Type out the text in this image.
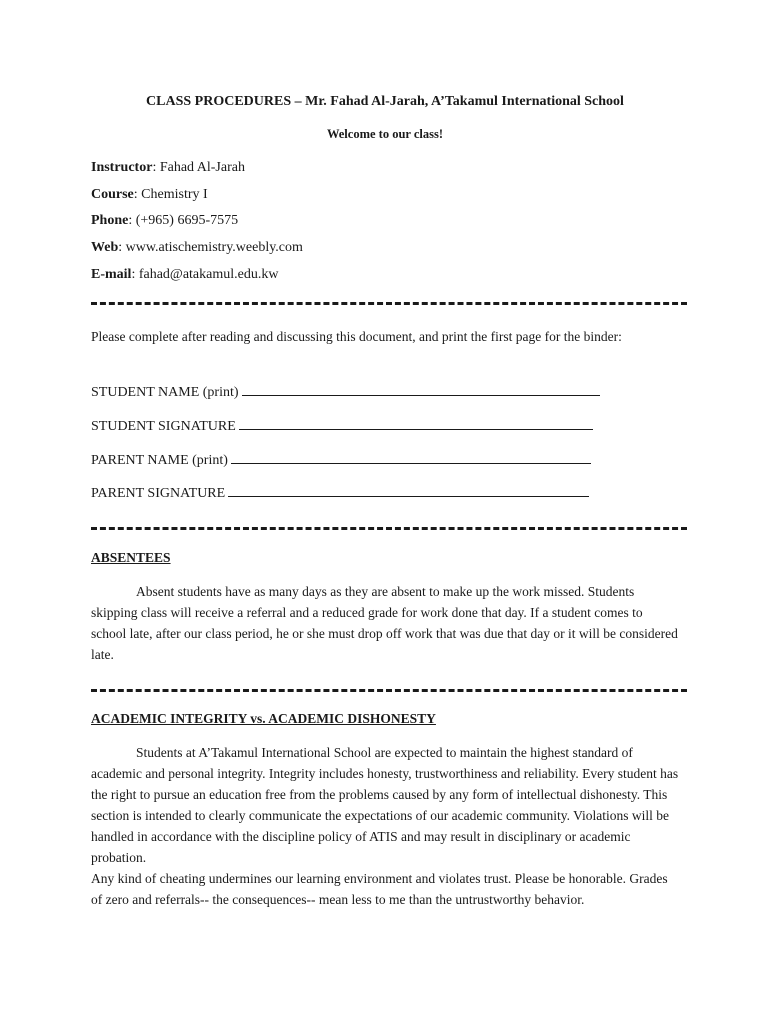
CLASS PROCEDURES – Mr. Fahad Al-Jarah, A’Takamul International School
Welcome to our class!
Instructor: Fahad Al-Jarah
Course: Chemistry I
Phone: (+965) 6695-7575
Web: www.atischemistry.weebly.com
E-mail: fahad@atakamul.edu.kw
Please complete after reading and discussing this document, and print the first page for the binder:
STUDENT NAME (print)
STUDENT SIGNATURE
PARENT NAME (print)
PARENT SIGNATURE
ABSENTEES
Absent students have as many days as they are absent to make up the work missed. Students skipping class will receive a referral and a reduced grade for work done that day. If a student comes to school late, after our class period, he or she must drop off work that was due that day or it will be considered late.
ACADEMIC INTEGRITY vs. ACADEMIC DISHONESTY

Students at A’Takamul International School are expected to maintain the highest standard of academic and personal integrity. Integrity includes honesty, trustworthiness and reliability. Every student has the right to pursue an education free from the problems caused by any form of intellectual dishonesty. This section is intended to clearly communicate the expectations of our academic community. Violations will be handled in accordance with the discipline policy of ATIS and may result in disciplinary or academic probation.

Any kind of cheating undermines our learning environment and violates trust. Please be honorable. Grades of zero and referrals-- the consequences-- mean less to me than the untrustworthy behavior.
